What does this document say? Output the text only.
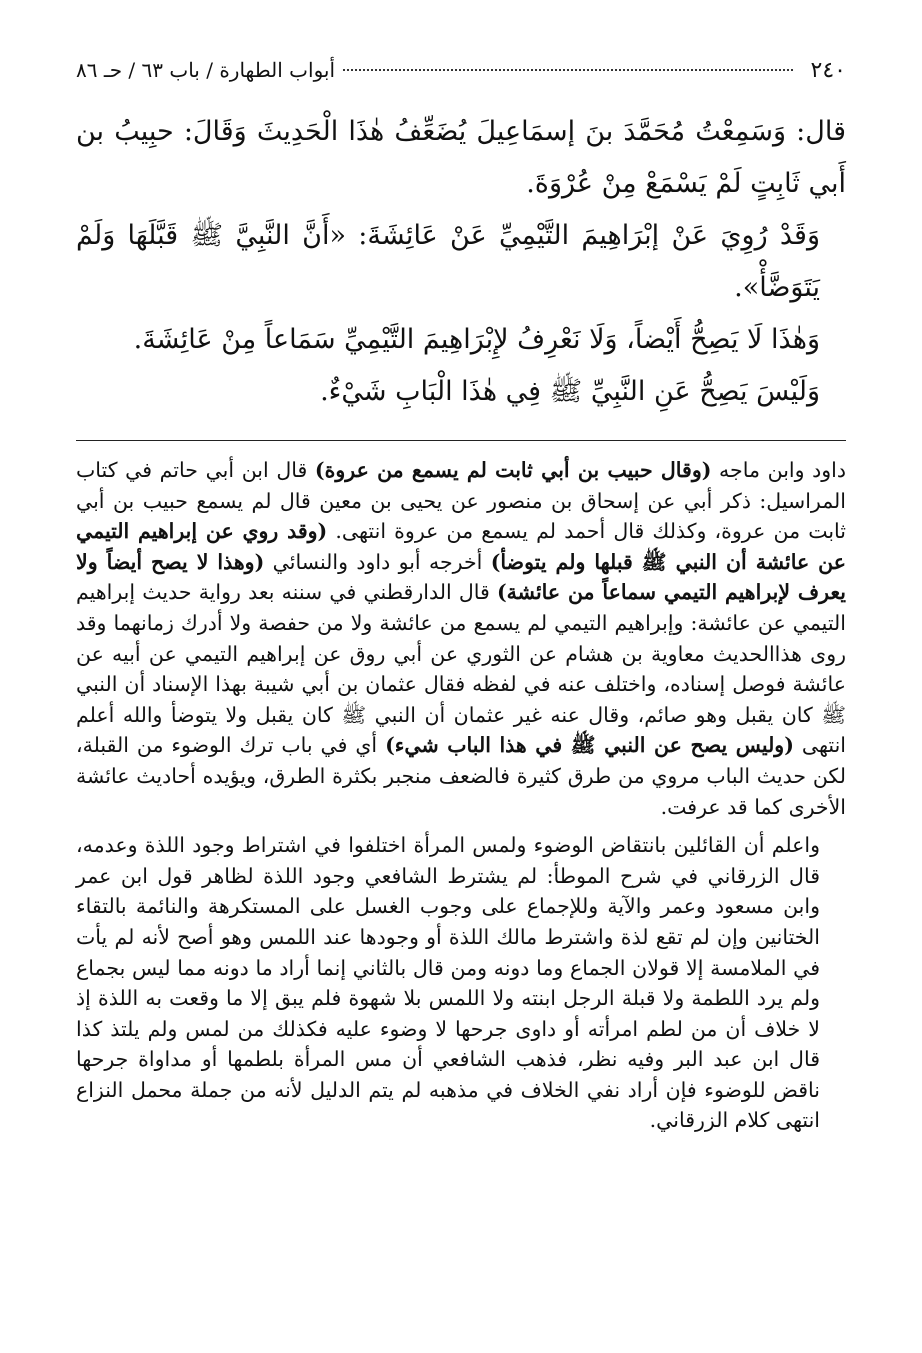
٢٤٠
أبواب الطهارة / باب ٦٣ / حـ ٨٦

قال: وَسَمِعْتُ مُحَمَّدَ بنَ إسمَاعِيلَ يُضَعِّفُ هٰذَا الْحَدِيثَ وَقَالَ: حبِيبُ بن أَبي ثَابِتٍ لَمْ يَسْمَعْ مِنْ عُرْوَةَ.

وَقَدْ رُوِيَ عَنْ إبْرَاهِيمَ التَّيْمِيِّ عَنْ عَائِشَةَ: «أَنَّ النَّبِيَّ ﷺ قَبَّلَهَا وَلَمْ يَتَوَضَّأْ».

وَهٰذَا لَا يَصِحُّ أَيْضاً، وَلَا نَعْرِفُ لإِبْرَاهِيمَ التَّيْمِيِّ سَمَاعاً مِنْ عَائِشَةَ.

وَلَيْسَ يَصِحُّ عَنِ النَّبِيِّ ﷺ فِي هٰذَا الْبَابِ شَيْءٌ.

داود وابن ماجه (وقال حبيب بن أبي ثابت لم يسمع من عروة) قال ابن أبي حاتم في كتاب المراسيل: ذكر أبي عن إسحاق بن منصور عن يحيى بن معين قال لم يسمع حبيب بن أبي ثابت من عروة، وكذلك قال أحمد لم يسمع من عروة انتهى. (وقد روي عن إبراهيم التيمي عن عائشة أن النبي ﷺ قبلها ولم يتوضأ) أخرجه أبو داود والنسائي (وهذا لا يصح أيضاً ولا يعرف لإبراهيم التيمي سماعاً من عائشة) قال الدارقطني في سننه بعد رواية حديث إبراهيم التيمي عن عائشة: وإبراهيم التيمي لم يسمع من عائشة ولا من حفصة ولا أدرك زمانهما وقد روى هذاالحديث معاوية بن هشام عن الثوري عن أبي روق عن إبراهيم التيمي عن أبيه عن عائشة فوصل إسناده، واختلف عنه في لفظه فقال عثمان بن أبي شيبة بهذا الإسناد أن النبي ﷺ كان يقبل وهو صائم، وقال عنه غير عثمان أن النبي ﷺ كان يقبل ولا يتوضأ والله أعلم انتهى (وليس يصح عن النبي ﷺ في هذا الباب شيء) أي في باب ترك الوضوء من القبلة، لكن حديث الباب مروي من طرق كثيرة فالضعف منجبر بكثرة الطرق، ويؤيده أحاديث عائشة الأخرى كما قد عرفت.

واعلم أن القائلين بانتقاض الوضوء ولمس المرأة اختلفوا في اشتراط وجود اللذة وعدمه، قال الزرقاني في شرح الموطأ: لم يشترط الشافعي وجود اللذة لظاهر قول ابن عمر وابن مسعود وعمر والآية وللإجماع على وجوب الغسل على المستكرهة والنائمة بالتقاء الختانين وإن لم تقع لذة واشترط مالك اللذة أو وجودها عند اللمس وهو أصح لأنه لم يأت في الملامسة إلا قولان الجماع وما دونه ومن قال بالثاني إنما أراد ما دونه مما ليس بجماع ولم يرد اللطمة ولا قبلة الرجل ابنته ولا اللمس بلا شهوة فلم يبق إلا ما وقعت به اللذة إذ لا خلاف أن من لطم امرأته أو داوى جرحها لا وضوء عليه فكذلك من لمس ولم يلتذ كذا قال ابن عبد البر وفيه نظر، فذهب الشافعي أن مس المرأة بلطمها أو مداواة جرحها ناقض للوضوء فإن أراد نفي الخلاف في مذهبه لم يتم الدليل لأنه من جملة محمل النزاع انتهى كلام الزرقاني.
